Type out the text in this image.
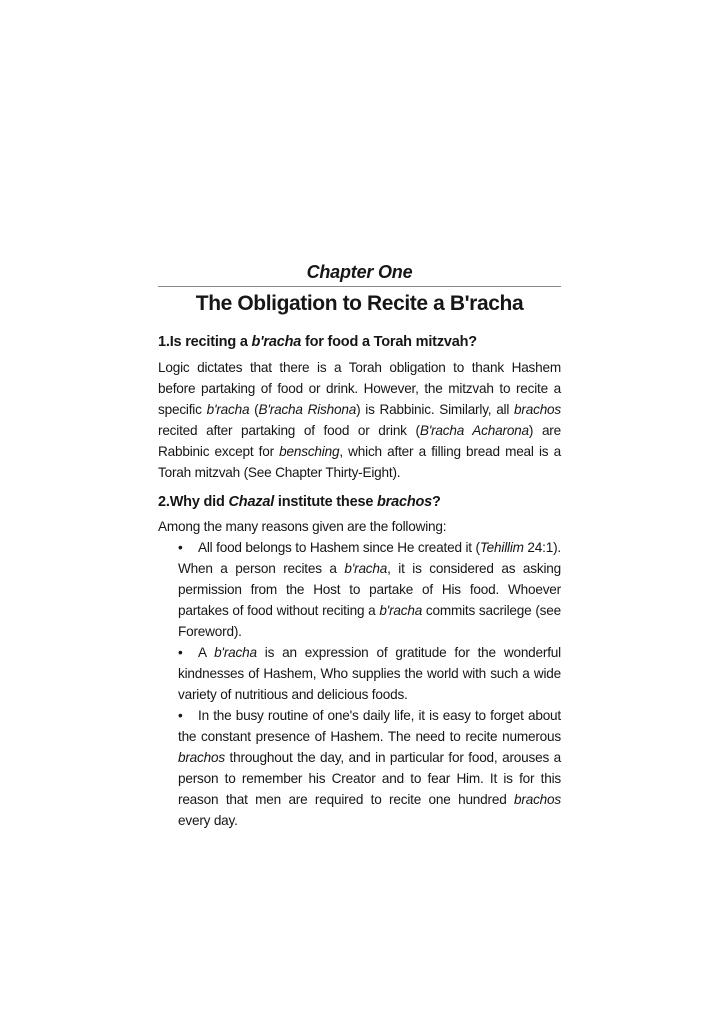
Chapter One
The Obligation to Recite a B'racha
1.Is reciting a b'racha for food a Torah mitzvah?

Logic dictates that there is a Torah obligation to thank Hashem before partaking of food or drink. However, the mitzvah to recite a specific b'racha (B'racha Rishona) is Rabbinic. Similarly, all brachos recited after partaking of food or drink (B'racha Acharona) are Rabbinic except for bensching, which after a filling bread meal is a Torah mitzvah (See Chapter Thirty-Eight).

2.Why did Chazal institute these brachos?

Among the many reasons given are the following:

• All food belongs to Hashem since He created it (Tehillim 24:1). When a person recites a b'racha, it is considered as asking permission from the Host to partake of His food. Whoever partakes of food without reciting a b'racha commits sacrilege (see Foreword).
• A b'racha is an expression of gratitude for the wonderful kindnesses of Hashem, Who supplies the world with such a wide variety of nutritious and delicious foods.
• In the busy routine of one's daily life, it is easy to forget about the constant presence of Hashem. The need to recite numerous brachos throughout the day, and in particular for food, arouses a person to remember his Creator and to fear Him. It is for this reason that men are required to recite one hundred brachos every day.
